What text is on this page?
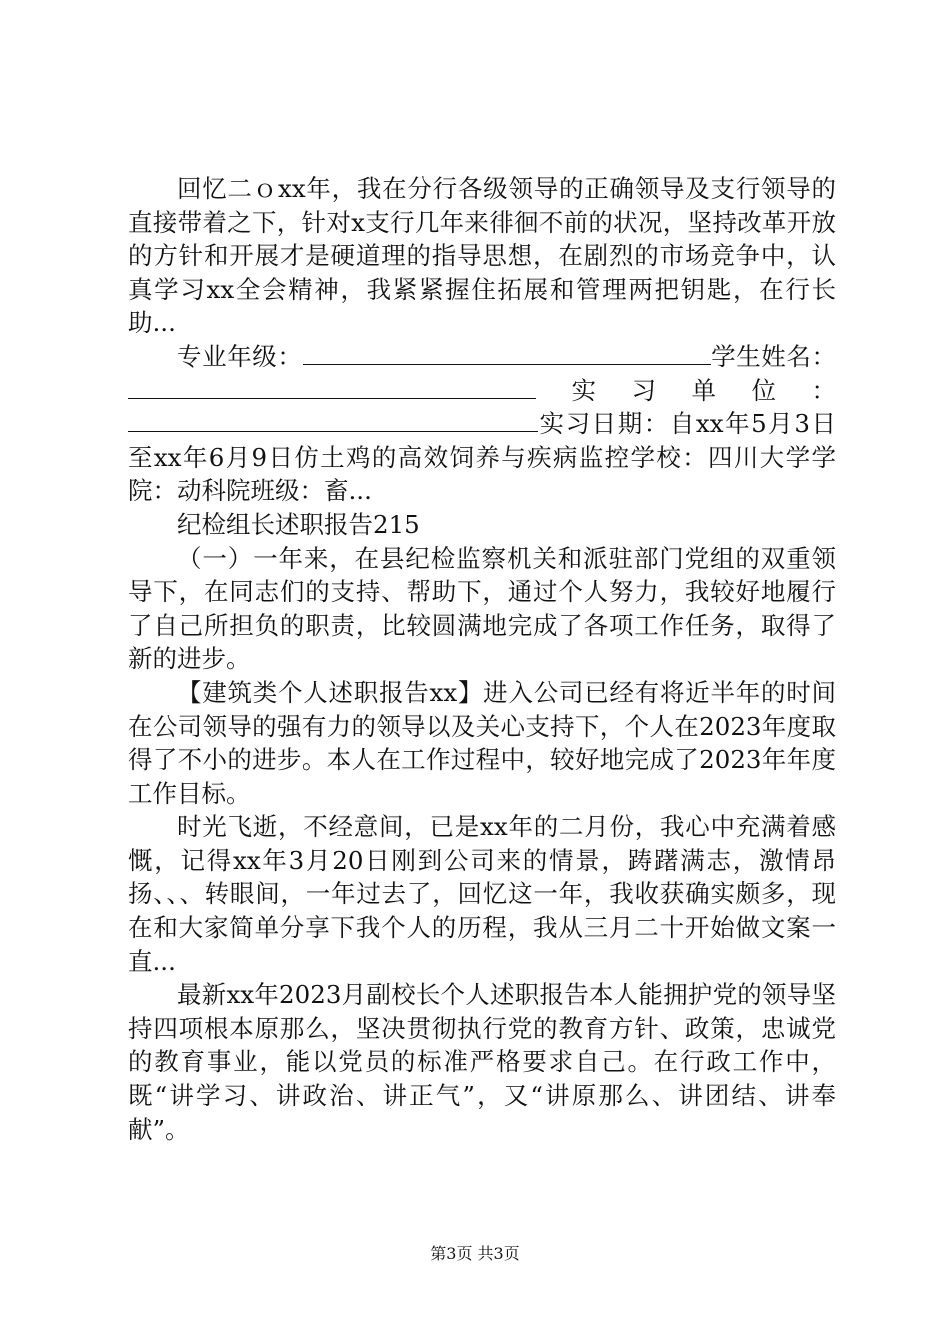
回忆二ｏxx年，我在分行各级领导的正确领导及支行领导的直接带着之下，针对x支行几年来徘徊不前的状况，坚持改革开放的方针和开展才是硬道理的指导思想，在剧烈的市场竞争中，认真学习xx全会精神，我紧紧握住拓展和管理两把钥匙，在行长助...

专业年级：	学生姓名：实习单位：实习日期：自xx年5月3日至xx年6月9日仿土鸡的高效饲养与疾病监控学校：四川大学学院：动科院班级：畜...

纪检组长述职报告215

（一）一年来，在县纪检监察机关和派驻部门党组的双重领导下，在同志们的支持、帮助下，通过个人努力，我较好地履行了自己所担负的职责，比较圆满地完成了各项工作任务，取得了新的进步。

【建筑类个人述职报告xx】进入公司已经有将近半年的时间在公司领导的强有力的领导以及关心支持下，个人在2023年度取得了不小的进步。本人在工作过程中，较好地完成了2023年年度工作目标。

时光飞逝，不经意间，已是xx年的二月份，我心中充满着感慨，记得xx年3月20日刚到公司来的情景，踌躇满志，激情昂扬、、、转眼间，一年过去了，回忆这一年，我收获确实颇多，现在和大家简单分享下我个人的历程，我从三月二十开始做文案一直...

最新xx年2023月副校长个人述职报告本人能拥护党的领导坚持四项根本原那么，坚决贯彻执行党的教育方针、政策，忠诚党的教育事业，能以党员的标准严格要求自己。在行政工作中，既“讲学习、讲政治、讲正气”，又“讲原那么、讲团结、讲奉献”。

第3页 共3页
